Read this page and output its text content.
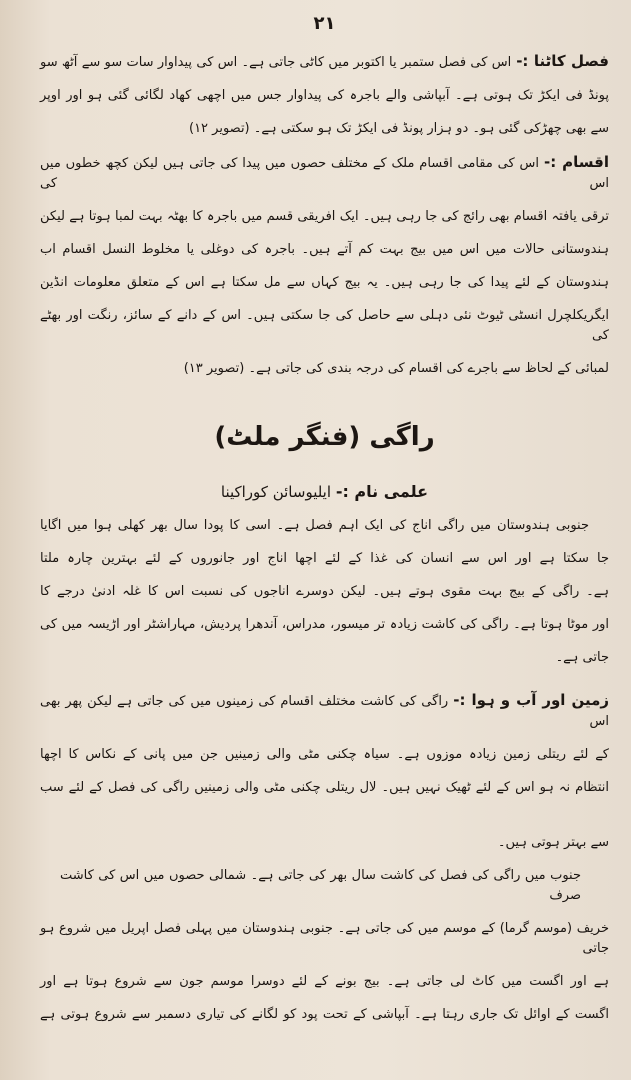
٢١
فصل کاٹنا :-اس کی فصل ستمبر یا اکتوبر میں کاٹی جاتی ہے۔ اس کی پیداوار سات سو سے آٹھ سو
پونڈ فی ایکڑ تک ہوتی ہے۔ آبپاشی والے باجرہ کی پیداوار جس میں اچھی کھاد لگائی گئی ہو اور اوپر
سے بھی چھڑکی گئی ہو۔ دو ہزار پونڈ فی ایکڑ تک ہو سکتی ہے۔ (تصویر ۱۲)
اقسام :-اس کی مقامی اقسام ملک کے مختلف حصوں میں پیدا کی جاتی ہیں لیکن کچھ خطوں میں اس کی
ترقی یافتہ اقسام بھی رائج کی جا رہی ہیں۔ ایک افریقی قسم میں باجرہ کا بھٹہ بہت لمبا ہوتا ہے لیکن
ہندوستانی حالات میں اس میں بیج بہت کم آتے ہیں۔ باجرہ کی دوغلی یا مخلوط النسل اقسام اب
ہندوستان کے لئے پیدا کی جا رہی ہیں۔ یہ بیج کہاں سے مل سکتا ہے اس کے متعلق معلومات انڈین
ایگریکلچرل انسٹی ٹیوٹ نئی دہلی سے حاصل کی جا سکتی ہیں۔ اس کے دانے کے سائز، رنگت اور بھٹے کی
لمبائی کے لحاظ سے باجرے کی اقسام کی درجہ بندی کی جاتی ہے۔ (تصویر ۱۳)
راگی (فنگر ملٹ)
علمی نام :- ایلیوسائن کوراکینا
جنوبی ہندوستان میں راگی اناج کی ایک اہم فصل ہے۔ اسی کا پودا سال بھر کھلی ہوا میں اگایا
جا سکتا ہے اور اس سے انسان کی غذا کے لئے اچھا اناج اور جانوروں کے لئے بہترین چارہ ملتا
ہے۔ راگی کے بیج بہت مقوی ہوتے ہیں۔ لیکن دوسرے اناجوں کی نسبت اس کا غلہ ادنیٰ درجے کا
اور موٹا ہوتا ہے۔ راگی کی کاشت زیادہ تر میسور، مدراس، آندھرا پردیش، مہاراشٹر اور اڑیسہ میں کی
جاتی ہے۔
زمین اور آب و ہوا :-راگی کی کاشت مختلف اقسام کی زمینوں میں کی جاتی ہے لیکن پھر بھی اس
کے لئے ریتلی زمین زیادہ موزوں ہے۔ سیاہ چکنی مٹی والی زمینیں جن میں پانی کے نکاس کا اچھا
انتظام نہ ہو اس کے لئے ٹھیک نہیں ہیں۔ لال ریتلی چکنی مٹی والی زمینیں راگی کی فصل کے لئے سب
سے بہتر ہوتی ہیں۔
جنوب میں راگی کی فصل کی کاشت سال بھر کی جاتی ہے۔ شمالی حصوں میں اس کی کاشت صرف
خریف (موسم گرما) کے موسم میں کی جاتی ہے۔ جنوبی ہندوستان میں پہلی فصل اپریل میں شروع ہو جاتی
ہے اور اگست میں کاٹ لی جاتی ہے۔ بیج بونے کے لئے دوسرا موسم جون سے شروع ہوتا ہے اور
اگست کے اوائل تک جاری رہتا ہے۔ آبپاشی کے تحت پود کو لگانے کی تیاری دسمبر سے شروع ہوتی ہے
